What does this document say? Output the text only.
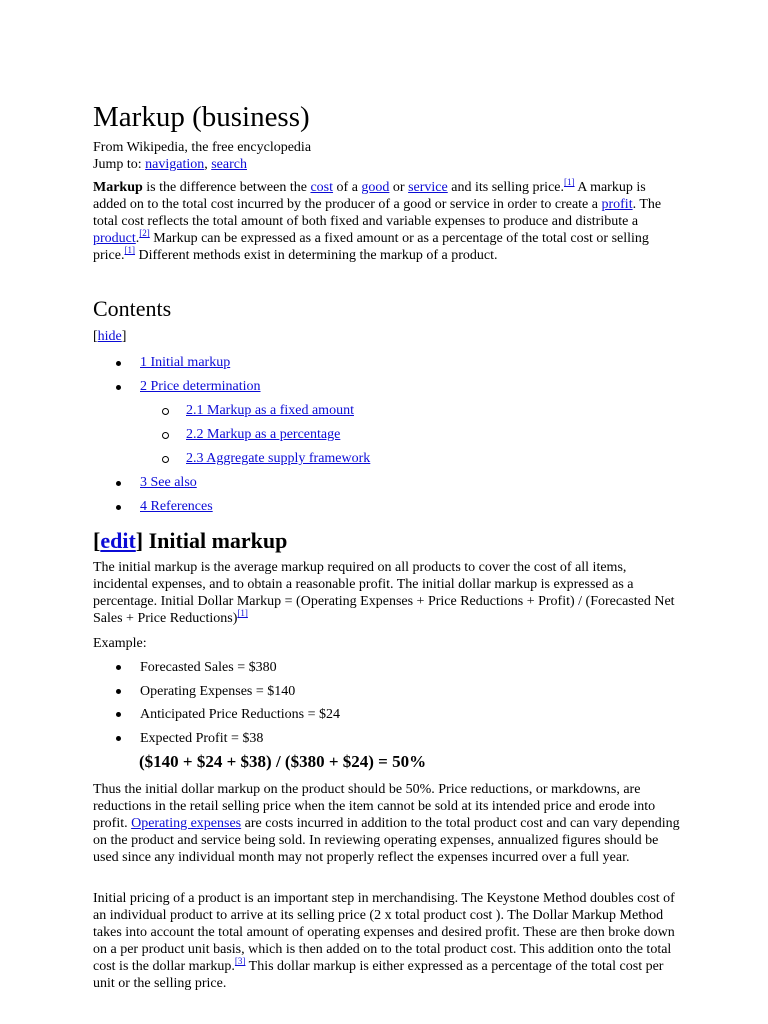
Markup (business)
From Wikipedia, the free encyclopedia
Jump to: navigation, search

Markup is the difference between the cost of a good or service and its selling price.[1] A markup is added on to the total cost incurred by the producer of a good or service in order to create a profit. The total cost reflects the total amount of both fixed and variable expenses to produce and distribute a product.[2] Markup can be expressed as a fixed amount or as a percentage of the total cost or selling price.[1] Different methods exist in determining the markup of a product.

Contents
[hide]
1 Initial markup
2 Price determination
2.1 Markup as a fixed amount
2.2 Markup as a percentage
2.3 Aggregate supply framework
3 See also
4 References
[edit] Initial markup

The initial markup is the average markup required on all products to cover the cost of all items, incidental expenses, and to obtain a reasonable profit. The initial dollar markup is expressed as a percentage. Initial Dollar Markup = (Operating Expenses + Price Reductions + Profit) / (Forecasted Net Sales + Price Reductions)[1]

Example:
Forecasted Sales = $380
Operating Expenses = $140
Anticipated Price Reductions = $24
Expected Profit = $38
($140 + $24 + $38) / ($380 + $24) = 50%

Thus the initial dollar markup on the product should be 50%. Price reductions, or markdowns, are reductions in the retail selling price when the item cannot be sold at its intended price and erode into profit. Operating expenses are costs incurred in addition to the total product cost and can vary depending on the product and service being sold. In reviewing operating expenses, annualized figures should be used since any individual month may not properly reflect the expenses incurred over a full year.

Initial pricing of a product is an important step in merchandising. The Keystone Method doubles cost of an individual product to arrive at its selling price (2 x total product cost ). The Dollar Markup Method takes into account the total amount of operating expenses and desired profit. These are then broke down on a per product unit basis, which is then added on to the total product cost. This addition onto the total cost is the dollar markup.[3] This dollar markup is either expressed as a percentage of the total cost per unit or the selling price.
